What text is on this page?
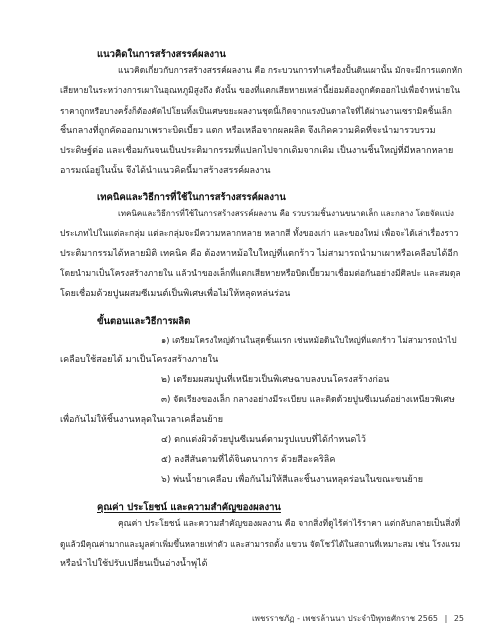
แนวคิดในการสร้างสรรค์ผลงาน
แนวคิดเกี่ยวกับการสร้างสรรค์ผลงาน คือ กระบวนการทำเครื่องปั้นดินเผานั้น มักจะมีการแตกหัก
เสียหายในระหว่างการเผาในอุณหภูมิสูงถึง ดังนั้น ของที่แตกเสียหายเหล่านี้ย่อมต้องถูกคัดออกไปเพื่อจำหน่ายใน
ราคาถูกหรือบางครั้งก็ต้องคัดไปโยนทิ้งเป็นเศษขยะผลงานชุดนี้เกิดจากแรงบันดาลใจที่ได้ผ่านงานเซรามิคชิ้นเล็ก
ชิ้นกลางที่ถูกคัดออกมาเพราะบิดเบี้ยว แตก หรือเหลือจากผลผลิต จึงเกิดความคิดที่จะนำมารวบรวม
ประดิษฐ์ต่อ และเชื่อมกันจนเป็นประติมากรรมที่แปลกไปจากเดิมจากเดิม เป็นงานชิ้นใหญ่ที่มีหลากหลาย
อารมณ์อยู่ในนั้น จึงได้นำแนวคิดนี้มาสร้างสรรค์ผลงาน
เทคนิคและวิธีการที่ใช้ในการสร้างสรรค์ผลงาน
เทคนิคและวิธีการที่ใช้ในการสร้างสรรค์ผลงาน คือ รวบรวมชิ้นงานขนาดเล็ก และกลาง โดยจัดแบ่ง
ประเภทไปในแต่ละกลุ่ม แต่ละกลุ่มจะมีความหลากหลาย หลากสี ทั้งของเก่า และของใหม่ เพื่อจะได้เล่าเรื่องราว
ประติมากรรมได้หลายมิติ เทคนิค คือ ต้องหาหม้อใบใหญ่ที่แตกร้าว ไม่สามารถนำมาเผาหรือเคลือบได้อีก
โดยนำมาเป็นโครงสร้างภายใน แล้วนำของเล็กที่แตกเสียหายหรือบิดเบี้ยวมาเชื่อมต่อกันอย่างมีศิลปะ และสมดุล
โดยเชื่อมด้วยปูนผสมซีเมนต์เป็นพิเศษเพื่อไม่ให้หลุดหล่นร่อน
ขั้นตอนและวิธีการผลิต
๑) เตรียมโครงใหญ่ด้านในสุดชิ้นแรก เช่นหม้อดินใบใหญ่ที่แตกร้าว ไม่สามารถนำไป
เคลือบใช้สอยได้ มาเป็นโครงสร้างภายใน
๒) เตรียมผสมปูนที่เหนียวเป็นพิเศษฉาบลงบนโครงสร้างก่อน
๓) จัดเรียงของเล็ก กลางอย่างมีระเบียบ และติดด้วยปูนซีเมนต์อย่างเหนียวพิเศษ
เพื่อกันไม่ให้ชิ้นงานหลุดในเวลาเคลื่อนย้าย
๔) ตกแต่งผิวด้วยปูนซีเมนต์ตามรูปแบบที่ได้กำหนดไว้
๕) ลงสีสันตามที่ได้จินตนาการ ด้วยสีอะคริลิค
๖) พ่นน้ำยาเคลือบ เพื่อกันไม่ให้สีและชิ้นงานหลุดร่อนในขณะขนย้าย
คุณค่า ประโยชน์ และความสำคัญของผลงาน
คุณค่า ประโยชน์ และความสำคัญของผลงาน คือ จากสิ่งที่ดูไร้ค่าไร้ราคา แต่กลับกลายเป็นสิ่งที่
ดูแล้วมีคุณค่ามากและมูลค่าเพิ่มขึ้นหลายเท่าตัว และสามารถตั้ง แขวน จัดโชว์ได้ในสถานที่เหมาะสม เช่น โรงแรม
หรือนำไปใช้ปรับเปลี่ยนเป็นอ่างน้ำพุได้
เพชรราชภัฏ - เพชรล้านนา ประจำปีพุทธศักราช 2565 | 25
